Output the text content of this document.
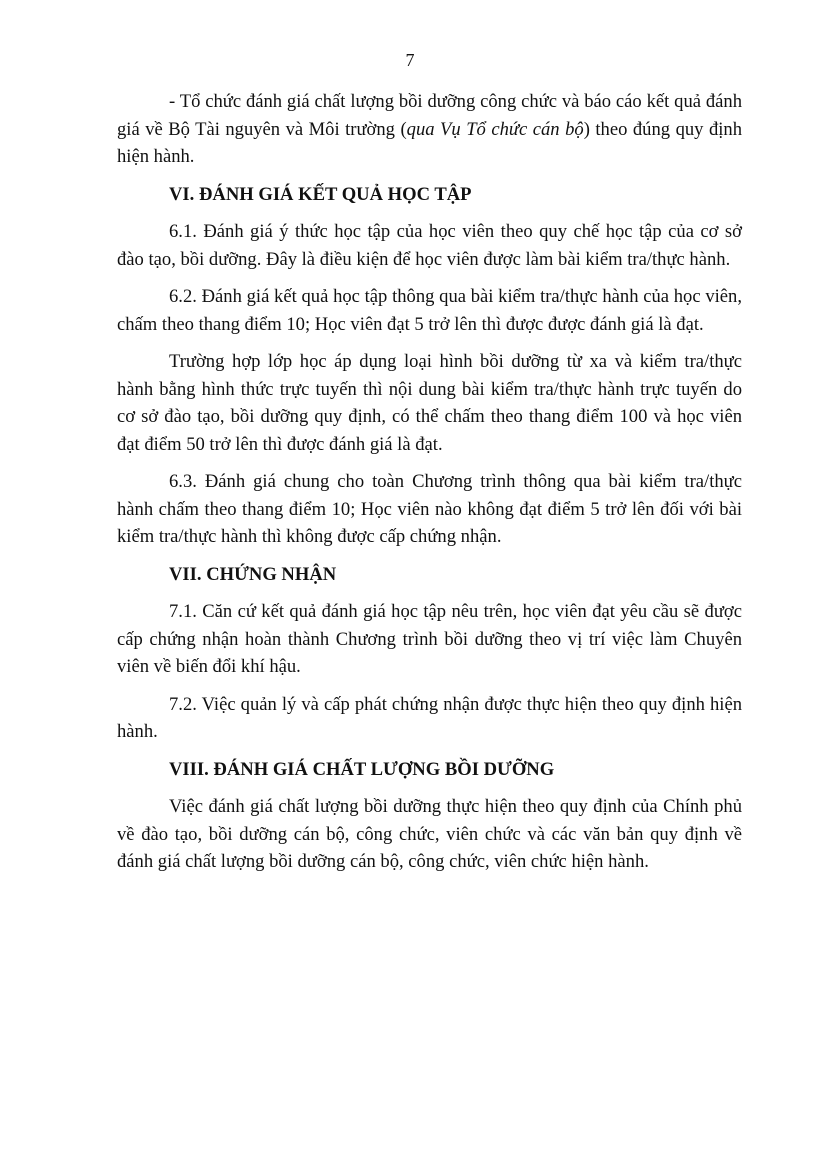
7

- Tổ chức đánh giá chất lượng bồi dưỡng công chức và báo cáo kết quả đánh giá về Bộ Tài nguyên và Môi trường (qua Vụ Tổ chức cán bộ) theo đúng quy định hiện hành.

VI. ĐÁNH GIÁ KẾT QUẢ HỌC TẬP

6.1. Đánh giá ý thức học tập của học viên theo quy chế học tập của cơ sở đào tạo, bồi dưỡng. Đây là điều kiện để học viên được làm bài kiểm tra/thực hành.

6.2. Đánh giá kết quả học tập thông qua bài kiểm tra/thực hành của học viên, chấm theo thang điểm 10; Học viên đạt 5 trở lên thì được được đánh giá là đạt.

Trường hợp lớp học áp dụng loại hình bồi dưỡng từ xa và kiểm tra/thực hành bằng hình thức trực tuyến thì nội dung bài kiểm tra/thực hành trực tuyến do cơ sở đào tạo, bồi dưỡng quy định, có thể chấm theo thang điểm 100 và học viên đạt điểm 50 trở lên thì được đánh giá là đạt.

6.3. Đánh giá chung cho toàn Chương trình thông qua bài kiểm tra/thực hành chấm theo thang điểm 10; Học viên nào không đạt điểm 5 trở lên đối với bài kiểm tra/thực hành thì không được cấp chứng nhận.

VII. CHỨNG NHẬN

7.1. Căn cứ kết quả đánh giá học tập nêu trên, học viên đạt yêu cầu sẽ được cấp chứng nhận hoàn thành Chương trình bồi dưỡng theo vị trí việc làm Chuyên viên về biến đổi khí hậu.

7.2. Việc quản lý và cấp phát chứng nhận được thực hiện theo quy định hiện hành.

VIII. ĐÁNH GIÁ CHẤT LƯỢNG BỒI DƯỠNG

Việc đánh giá chất lượng bồi dưỡng thực hiện theo quy định của Chính phủ về đào tạo, bồi dưỡng cán bộ, công chức, viên chức và các văn bản quy định về đánh giá chất lượng bồi dưỡng cán bộ, công chức, viên chức hiện hành.
